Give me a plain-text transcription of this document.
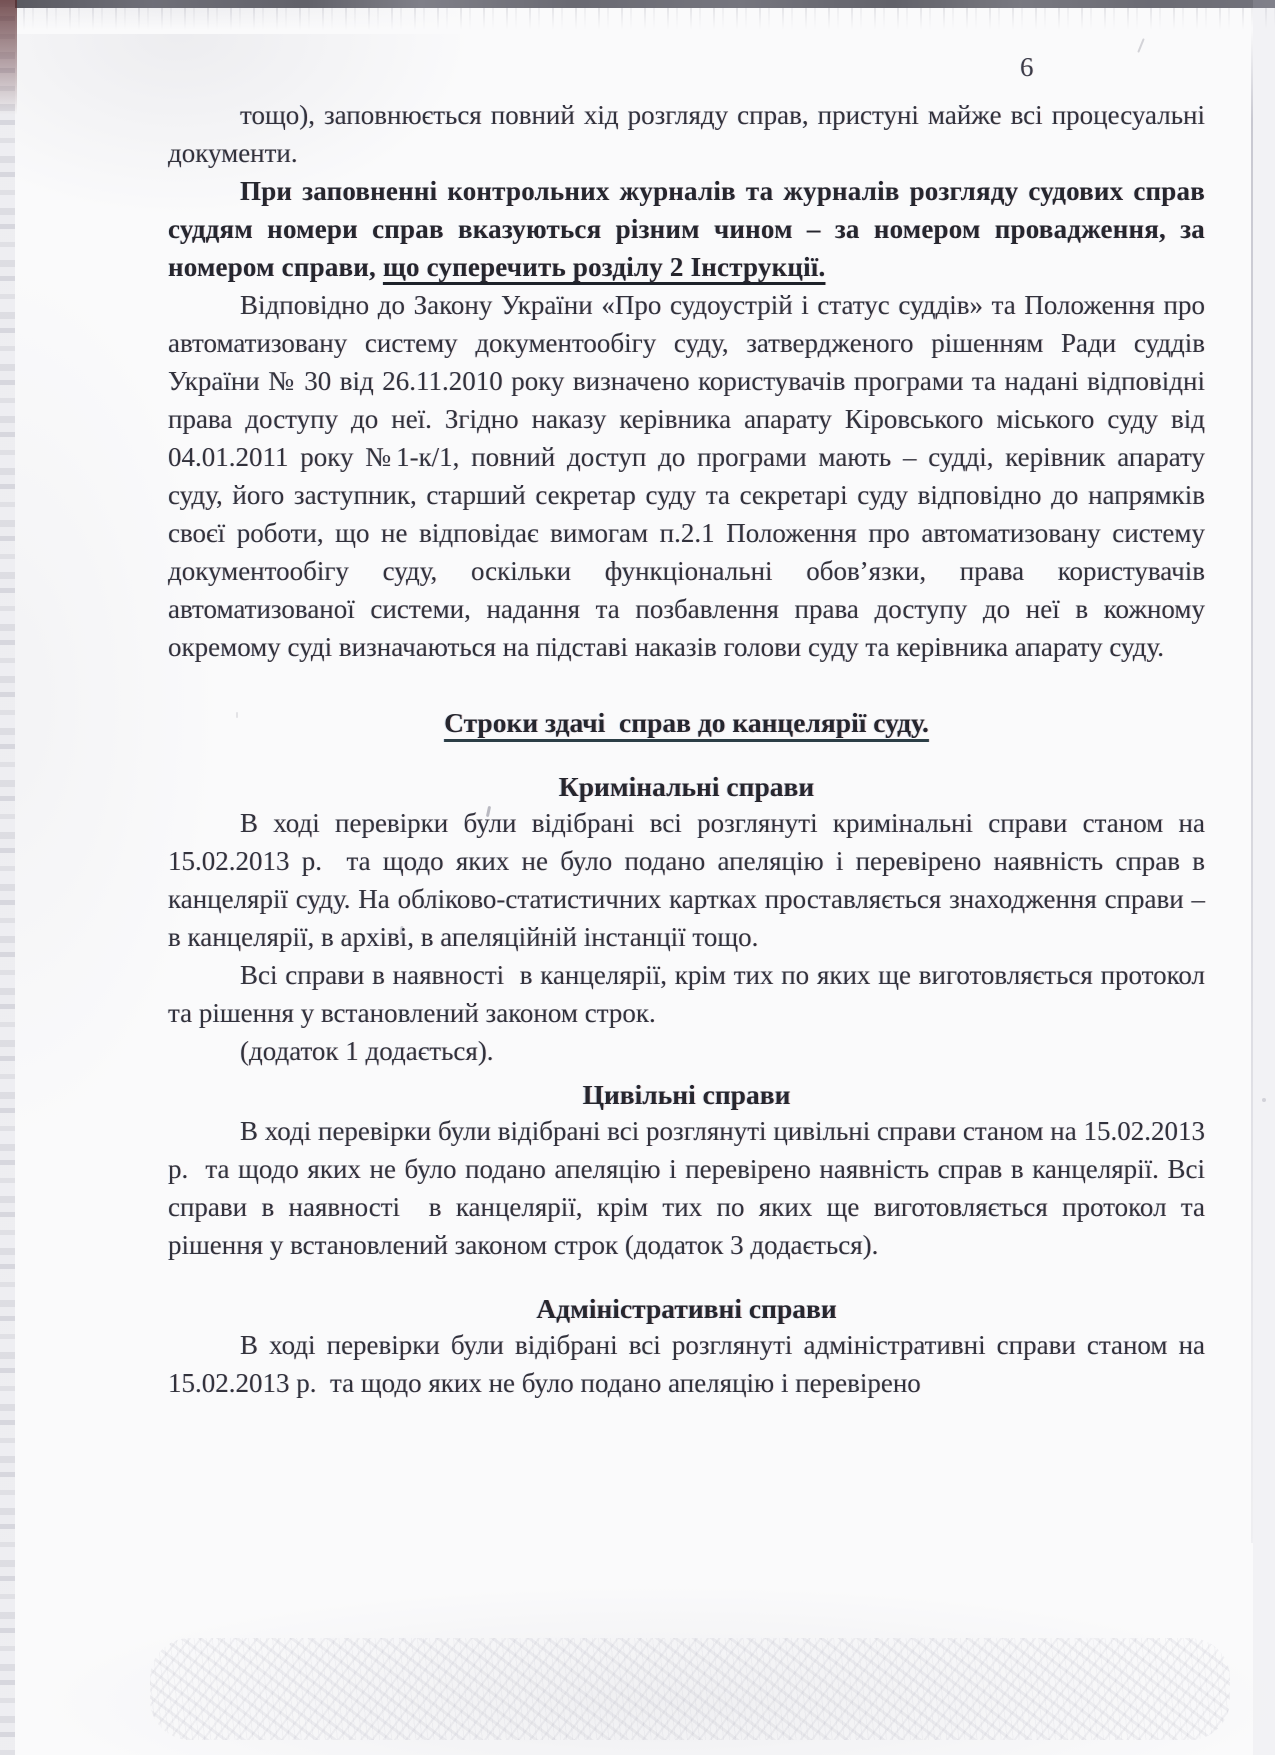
6

тощо), заповнюється повний хід розгляду справ, пристуні майже всі процесуальні документи.

При заповненні контрольних журналів та журналів розгляду судових справ суддям номери справ вказуються різним чином – за номером провадження, за номером справи, що суперечить розділу 2 Інструкції.

Відповідно до Закону України «Про судоустрій і статус суддів» та Положення про автоматизовану систему документообігу суду, затвердженого рішенням Ради суддів України № 30 від 26.11.2010 року визначено користувачів програми та надані відповідні права доступу до неї. Згідно наказу керівника апарату Кіровського міського суду від 04.01.2011 року №1-к/1, повний доступ до програми мають – судді, керівник апарату суду, його заступник, старший секретар суду та секретарі суду відповідно до напрямків своєї роботи, що не відповідає вимогам п.2.1 Положення про автоматизовану систему документообігу суду, оскільки функціональні обов’язки, права користувачів автоматизованої системи, надання та позбавлення права доступу до неї в кожному окремому суді визначаються на підставі наказів голови суду та керівника апарату суду.

Строки здачі  справ до канцелярії суду.
Кримінальні справи

В ході перевірки були відібрані всі розглянуті кримінальні справи станом на 15.02.2013 р.  та щодо яких не було подано апеляцію і перевірено наявність справ в канцелярії суду. На обліково-статистичних картках проставляється знаходження справи – в канцелярії, в архіві, в апеляційній інстанції тощо.

Всі справи в наявності  в канцелярії, крім тих по яких ще виготовляється протокол та рішення у встановлений законом строк.

(додаток 1 додається).

Цивільні справи

В ході перевірки були відібрані всі розглянуті цивільні справи станом на 15.02.2013 р.  та щодо яких не було подано апеляцію і перевірено наявність справ в канцелярії. Всі справи в наявності  в канцелярії, крім тих по яких ще виготовляється протокол та рішення у встановлений законом строк (додаток 3 додається).

Адміністративні справи

В ході перевірки були відібрані всі розглянуті адміністративні справи станом на 15.02.2013 р.  та щодо яких не було подано апеляцію і перевірено
